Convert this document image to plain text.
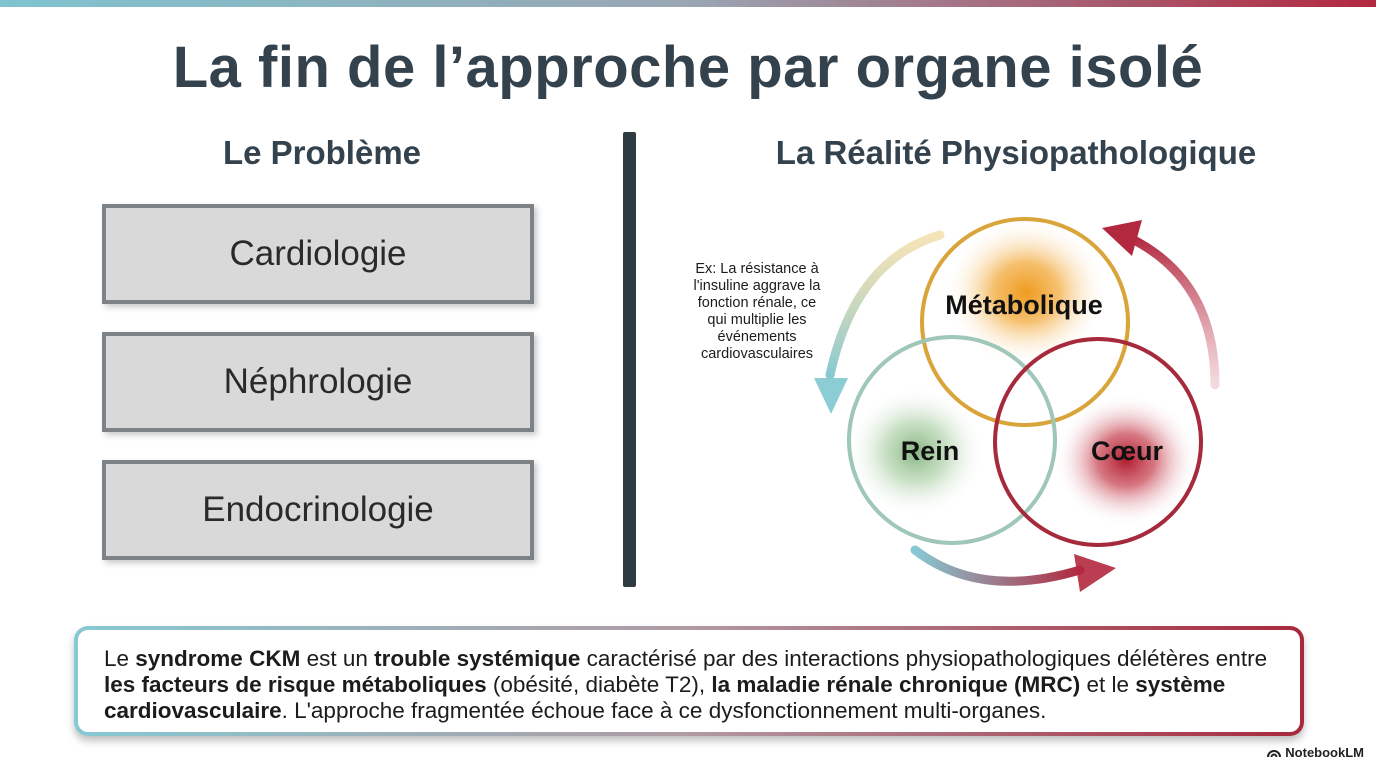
La fin de l’approche par organe isolé
Le Problème	La Réalité Physiopathologique
Cardiologie
Néphrologie
Endocrinologie
Métabolique
Rein	Cœur
Ex: La résistance à
l'insuline aggrave la
fonction rénale, ce
qui multiplie les
événements
cardiovasculaires
Le syndrome CKM est un trouble systémique caractérisé par des interactions physiopathologiques délétères entre les facteurs de risque métaboliques (obésité, diabète T2), la maladie rénale chronique (MRC) et le système cardiovasculaire. L'approche fragmentée échoue face à ce dysfonctionnement multi-organes.
NotebookLM
